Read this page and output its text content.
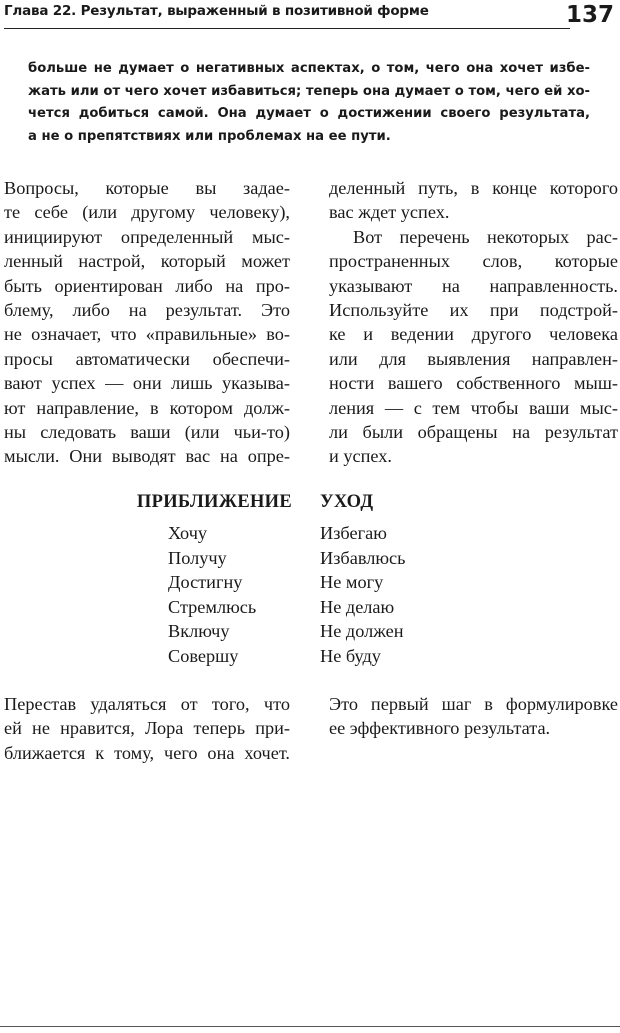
Глава 22. Результат, выраженный в позитивной форме	137
больше не думает о негативных аспектах, о том, чего она хочет избе-
жать или от чего хочет избавиться; теперь она думает о том, чего ей хо-
чется добиться самой. Она думает о достижении своего результата,
а не о препятствиях или проблемах на ее пути.
Вопросы, которые вы задае-
те себе (или другому человеку),
инициируют определенный мыс-
ленный настрой, который может
быть ориентирован либо на про-
блему, либо на результат. Это
не означает, что «правильные» во-
просы автоматически обеспечи-
вают успех — они лишь указыва-
ют направление, в котором долж-
ны следовать ваши (или чьи-то)
мысли. Они выводят вас на опре-
деленный путь, в конце которого
вас ждет успех.
Вот перечень некоторых рас-
пространенных слов, которые
указывают на направленность.
Используйте их при подстрой-
ке и ведении другого человека
или для выявления направлен-
ности вашего собственного мыш-
ления — с тем чтобы ваши мыс-
ли были обращены на результат
и успех.
ПРИБЛИЖЕНИЕ УХОД
Хочу
Получу
Достигну
Стремлюсь
Включу
Совершу
Избегаю
Избавлюсь
Не могу
Не делаю
Не должен
Не буду
Перестав удаляться от того, что
ей не нравится, Лора теперь при-
ближается к тому, чего она хочет.
Это первый шаг в формулировке
ее эффективного результата.
